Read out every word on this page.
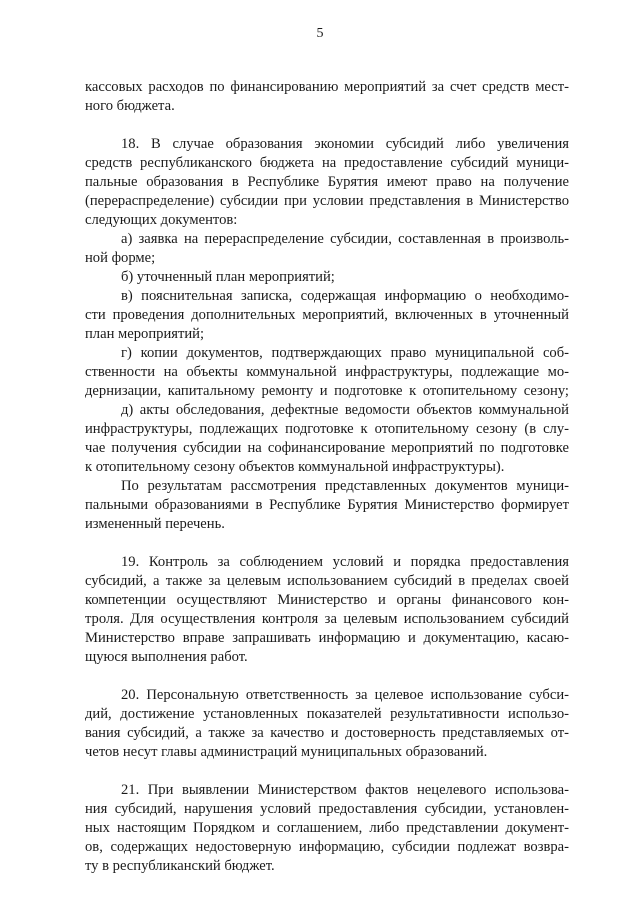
5
кассовых расходов по финансированию мероприятий за счет средств мест-
ного бюджета.
18. В случае образования экономии субсидий либо увеличения
средств республиканского бюджета на предоставление субсидий муници-
пальные образования в Республике Бурятия имеют право на получение
(перераспределение) субсидии при условии представления в Министерство
следующих документов:
а) заявка на перераспределение субсидии, составленная в произволь-
ной форме;
б) уточненный план мероприятий;
в) пояснительная записка, содержащая информацию о необходимо-
сти проведения дополнительных мероприятий, включенных в уточненный
план мероприятий;
г) копии документов, подтверждающих право муниципальной соб-
ственности на объекты коммунальной инфраструктуры, подлежащие мо-
дернизации, капитальному ремонту и подготовке к отопительному сезону;
д) акты обследования, дефектные ведомости объектов коммунальной
инфраструктуры, подлежащих подготовке к отопительному сезону (в слу-
чае получения субсидии на софинансирование мероприятий по подготовке
к отопительному сезону объектов коммунальной инфраструктуры).
По результатам рассмотрения представленных документов муници-
пальными образованиями в Республике Бурятия Министерство формирует
измененный перечень.
19. Контроль за соблюдением условий и порядка предоставления
субсидий, а также за целевым использованием субсидий в пределах своей
компетенции осуществляют Министерство и органы финансового кон-
троля. Для осуществления контроля за целевым использованием субсидий
Министерство вправе запрашивать информацию и документацию, касаю-
щуюся выполнения работ.
20. Персональную ответственность за целевое использование субси-
дий, достижение установленных показателей результативности использо-
вания субсидий, а также за качество и достоверность представляемых от-
четов несут главы администраций муниципальных образований.
21. При выявлении Министерством фактов нецелевого использова-
ния субсидий, нарушения условий предоставления субсидии, установлен-
ных настоящим Порядком и соглашением, либо представлении документ-
ов, содержащих недостоверную информацию, субсидии подлежат возвра-
ту в республиканский бюджет.
